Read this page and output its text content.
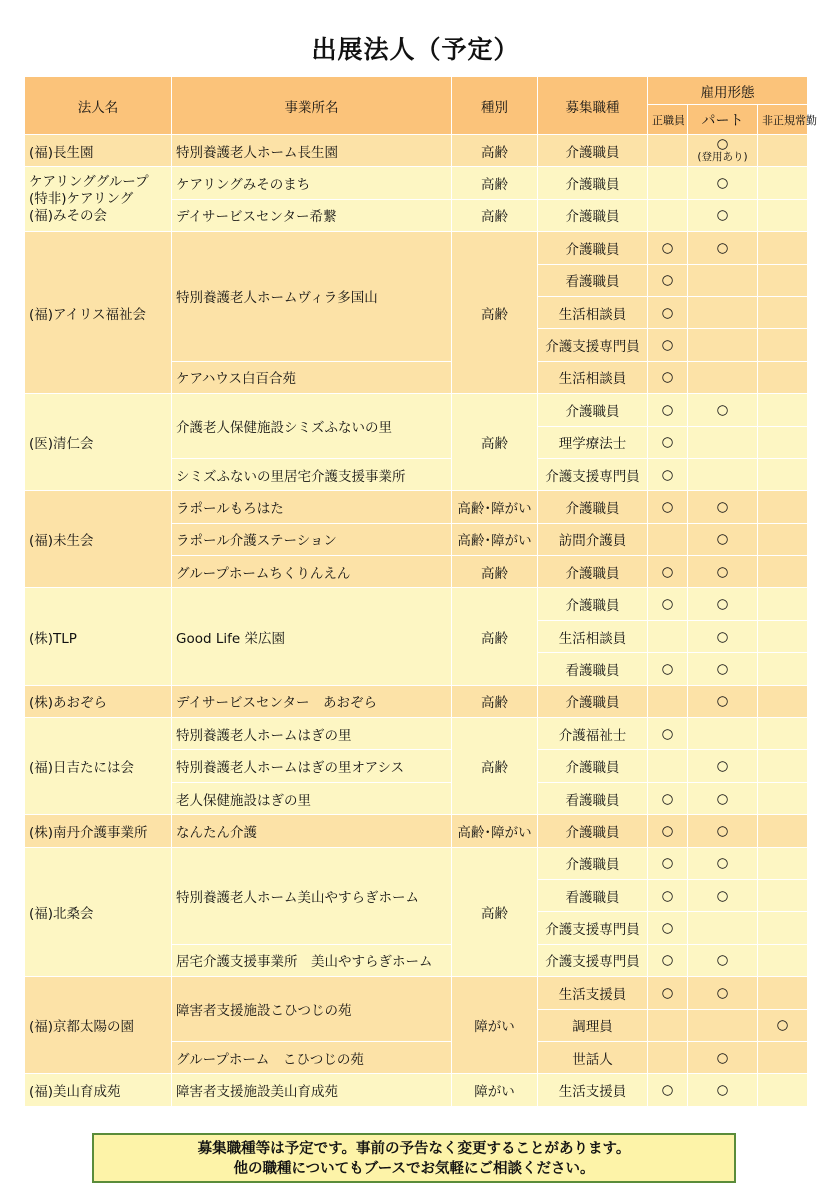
出展法人（予定）
法人名	事業所名	種別	募集職種	雇用形態		
				正職員	パート	非正規常勤
(福)長生園	特別養護老人ホーム長生園	高齢	介護職員		○
(登用あり)	

ケアリンググループ
(特非)ケアリング
(福)みその会	ケアリングみそのまち	高齢	介護職員		○	
	デイサービスセンター希繋	高齢	介護職員		○	
(福)アイリス福祉会	特別養護老人ホームヴィラ多国山	高齢	介護職員	○	○	
			看護職員	○		
			生活相談員	○		
			介護支援専門員	○		
	ケアハウス白百合苑		生活相談員	○		
(医)清仁会	介護老人保健施設シミズふないの里	高齢	介護職員	○	○	
			理学療法士	○		
	シミズふないの里居宅介護支援事業所		介護支援専門員	○		
(福)未生会	ラポールもろはた	高齢･障がい	介護職員	○	○	
	ラポール介護ステーション	高齢･障がい	訪問介護員		○	
	グループホームちくりんえん	高齢	介護職員	○	○	
(株)TLP	Good Life 栄広園	高齢	介護職員	○	○	
			生活相談員		○	
			看護職員	○	○	
(株)あおぞら	デイサービスセンター　あおぞら	高齢	介護職員		○	
(福)日吉たには会	特別養護老人ホームはぎの里	高齢	介護福祉士	○		
	特別養護老人ホームはぎの里オアシス		介護職員		○	
	老人保健施設はぎの里		看護職員	○	○	
(株)南丹介護事業所	なんたん介護	高齢･障がい	介護職員	○	○	
(福)北桑会	特別養護老人ホーム美山やすらぎホーム	高齢	介護職員	○	○	
			看護職員	○	○	
			介護支援専門員	○		
	居宅介護支援事業所　美山やすらぎホーム		介護支援専門員	○	○	
(福)京都太陽の園	障害者支援施設こひつじの苑	障がい	生活支援員	○	○	
			調理員			○
	グループホーム　こひつじの苑		世話人		○	
(福)美山育成苑	障害者支援施設美山育成苑	障がい	生活支援員	○	○	
募集職種等は予定です。事前の予告なく変更することがあります。
他の職種についてもブースでお気軽にご相談ください。
